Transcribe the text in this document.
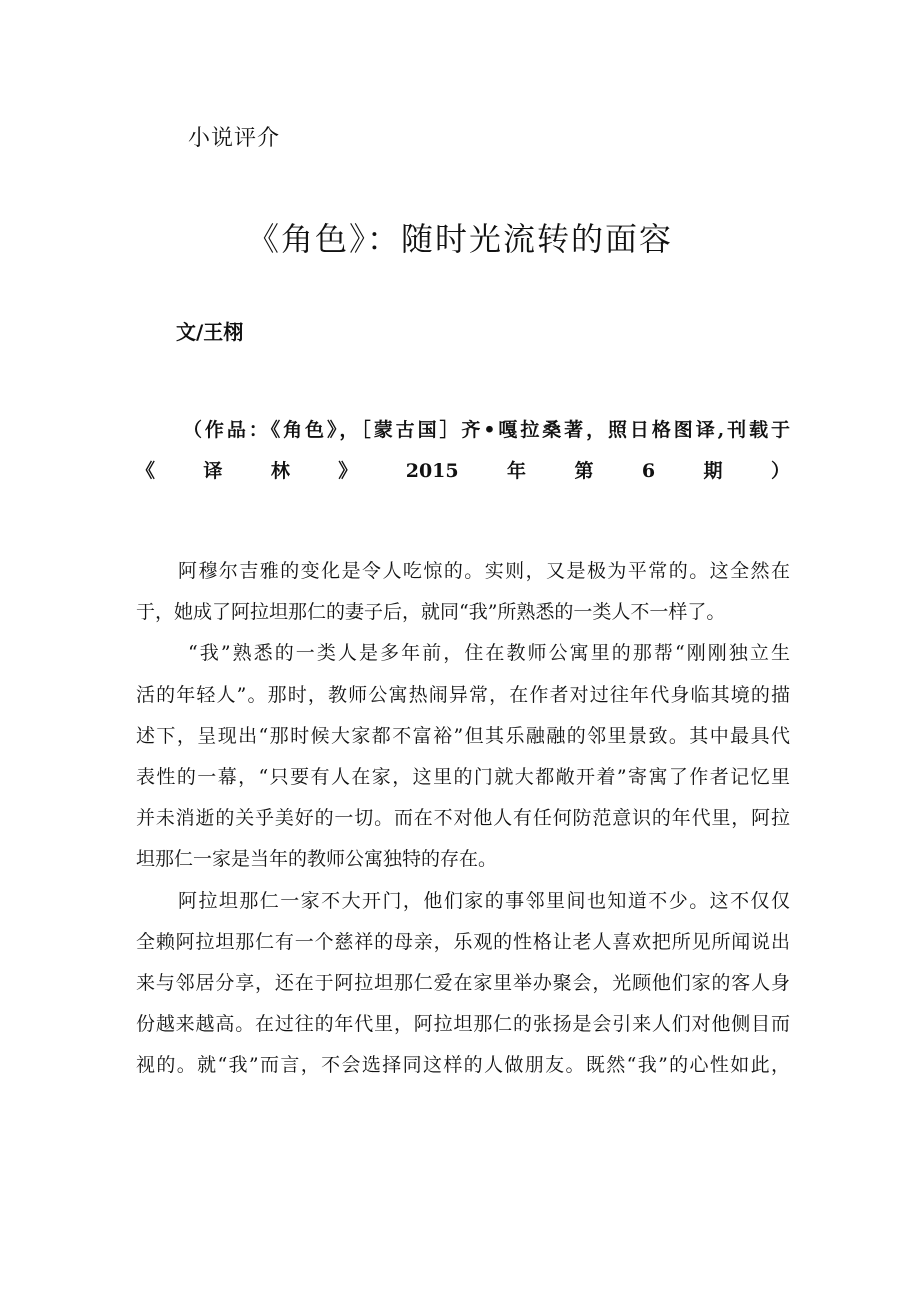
小说评介
《角色》：随时光流转的面容
文/王栩
（作品：《角色》，［蒙古国］齐•嘎拉桑著，照日格图译,刊载于
《译林》2015年第6期）

阿穆尔吉雅的变化是令人吃惊的。实则，又是极为平常的。这全然在
于，她成了阿拉坦那仁的妻子后，就同“我”所熟悉的一类人不一样了。

“我”熟悉的一类人是多年前，住在教师公寓里的那帮“刚刚独立生
活的年轻人”。那时，教师公寓热闹异常，在作者对过往年代身临其境的描
述下，呈现出“那时候大家都不富裕”但其乐融融的邻里景致。其中最具代
表性的一幕，“只要有人在家，这里的门就大都敞开着”寄寓了作者记忆里
并未消逝的关乎美好的一切。而在不对他人有任何防范意识的年代里，阿拉
坦那仁一家是当年的教师公寓独特的存在。

阿拉坦那仁一家不大开门，他们家的事邻里间也知道不少。这不仅仅
全赖阿拉坦那仁有一个慈祥的母亲，乐观的性格让老人喜欢把所见所闻说出
来与邻居分享，还在于阿拉坦那仁爱在家里举办聚会，光顾他们家的客人身
份越来越高。在过往的年代里，阿拉坦那仁的张扬是会引来人们对他侧目而
视的。就“我”而言，不会选择同这样的人做朋友。既然“我”的心性如此，
